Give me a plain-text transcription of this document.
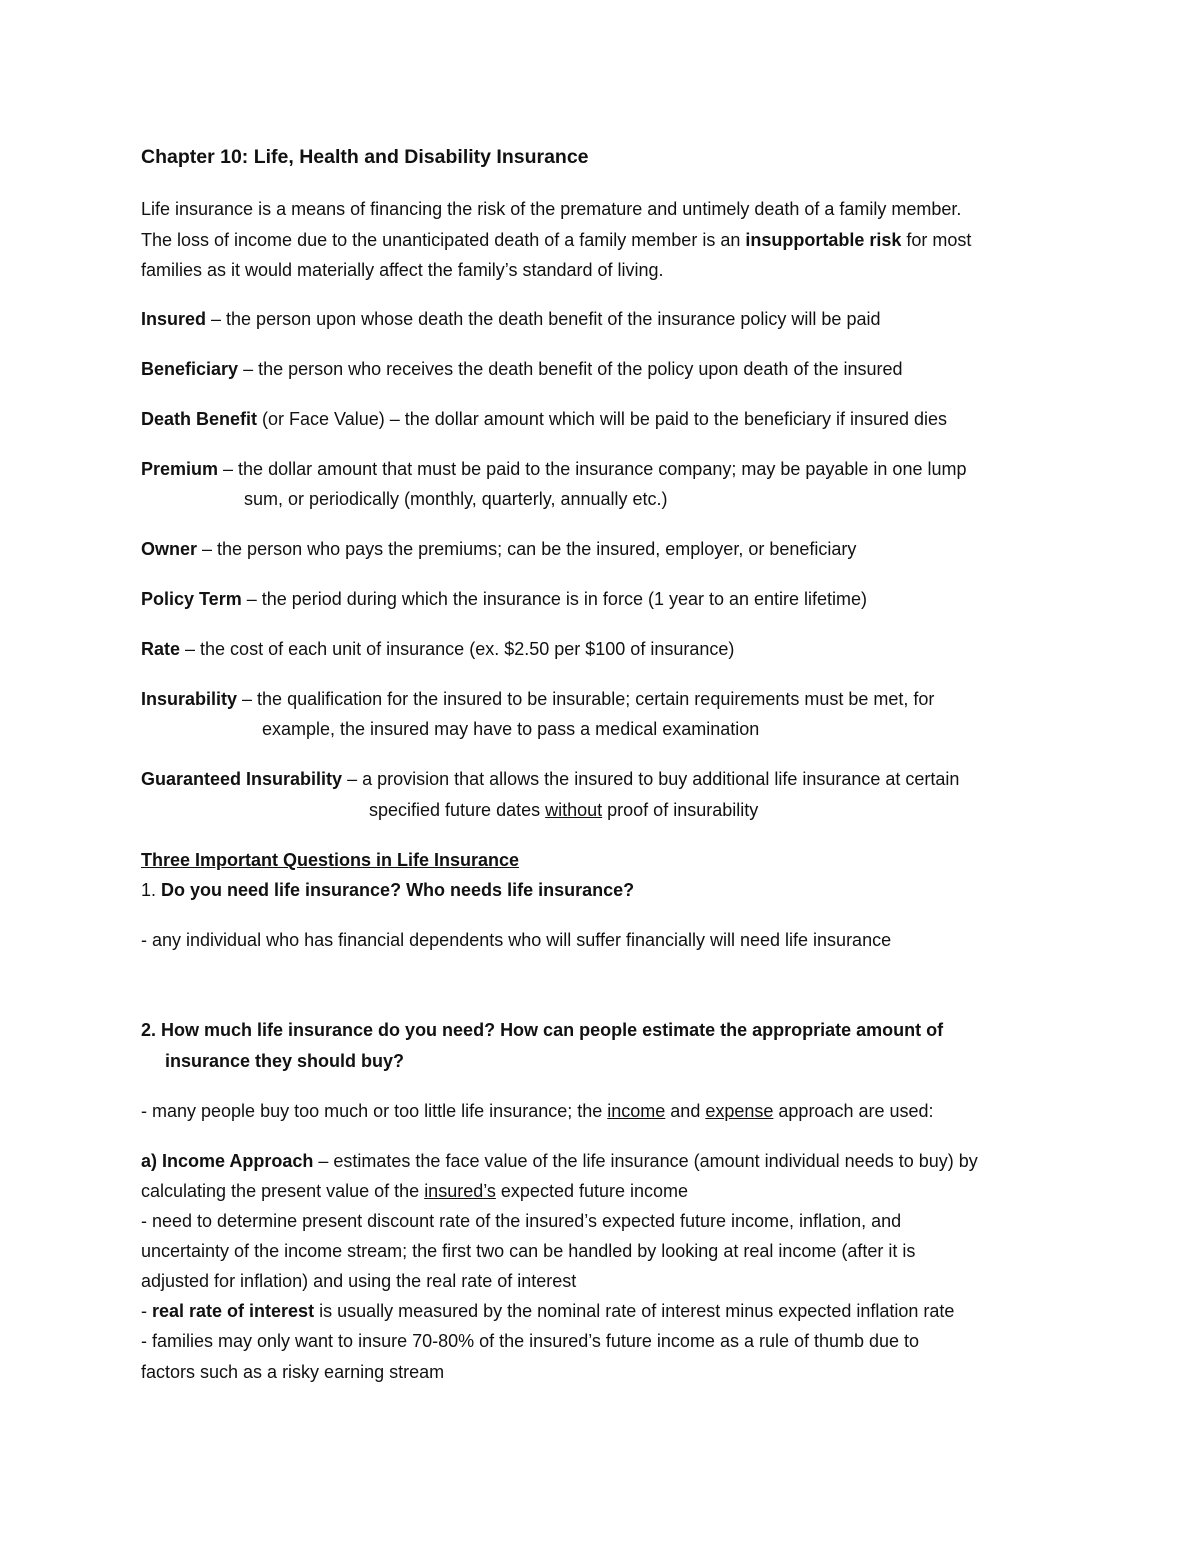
Chapter 10: Life, Health and Disability Insurance
Life insurance is a means of financing the risk of the premature and untimely death of a family member.
The loss of income due to the unanticipated death of a family member is an insupportable risk for most
families as it would materially affect the family’s standard of living.
Insured – the person upon whose death the death benefit of the insurance policy will be paid
Beneficiary – the person who receives the death benefit of the policy upon death of the insured
Death Benefit (or Face Value) – the dollar amount which will be paid to the beneficiary if insured dies
Premium – the dollar amount that must be paid to the insurance company; may be payable in one lump
sum, or periodically (monthly, quarterly, annually etc.)
Owner – the person who pays the premiums; can be the insured, employer, or beneficiary
Policy Term – the period during which the insurance is in force (1 year to an entire lifetime)
Rate – the cost of each unit of insurance (ex. $2.50 per $100 of insurance)
Insurability – the qualification for the insured to be insurable; certain requirements must be met, for
example, the insured may have to pass a medical examination
Guaranteed Insurability – a provision that allows the insured to buy additional life insurance at certain
specified future dates without proof of insurability
Three Important Questions in Life Insurance
1. Do you need life insurance? Who needs life insurance?
- any individual who has financial dependents who will suffer financially will need life insurance
2. How much life insurance do you need? How can people estimate the appropriate amount of
insurance they should buy?
- many people buy too much or too little life insurance; the income and expense approach are used:
a) Income Approach – estimates the face value of the life insurance (amount individual needs to buy) by
calculating the present value of the insured’s expected future income
- need to determine present discount rate of the insured’s expected future income, inflation, and
uncertainty of the income stream; the first two can be handled by looking at real income (after it is
adjusted for inflation) and using the real rate of interest
- real rate of interest is usually measured by the nominal rate of interest minus expected inflation rate
- families may only want to insure 70-80% of the insured’s future income as a rule of thumb due to
factors such as a risky earning stream
